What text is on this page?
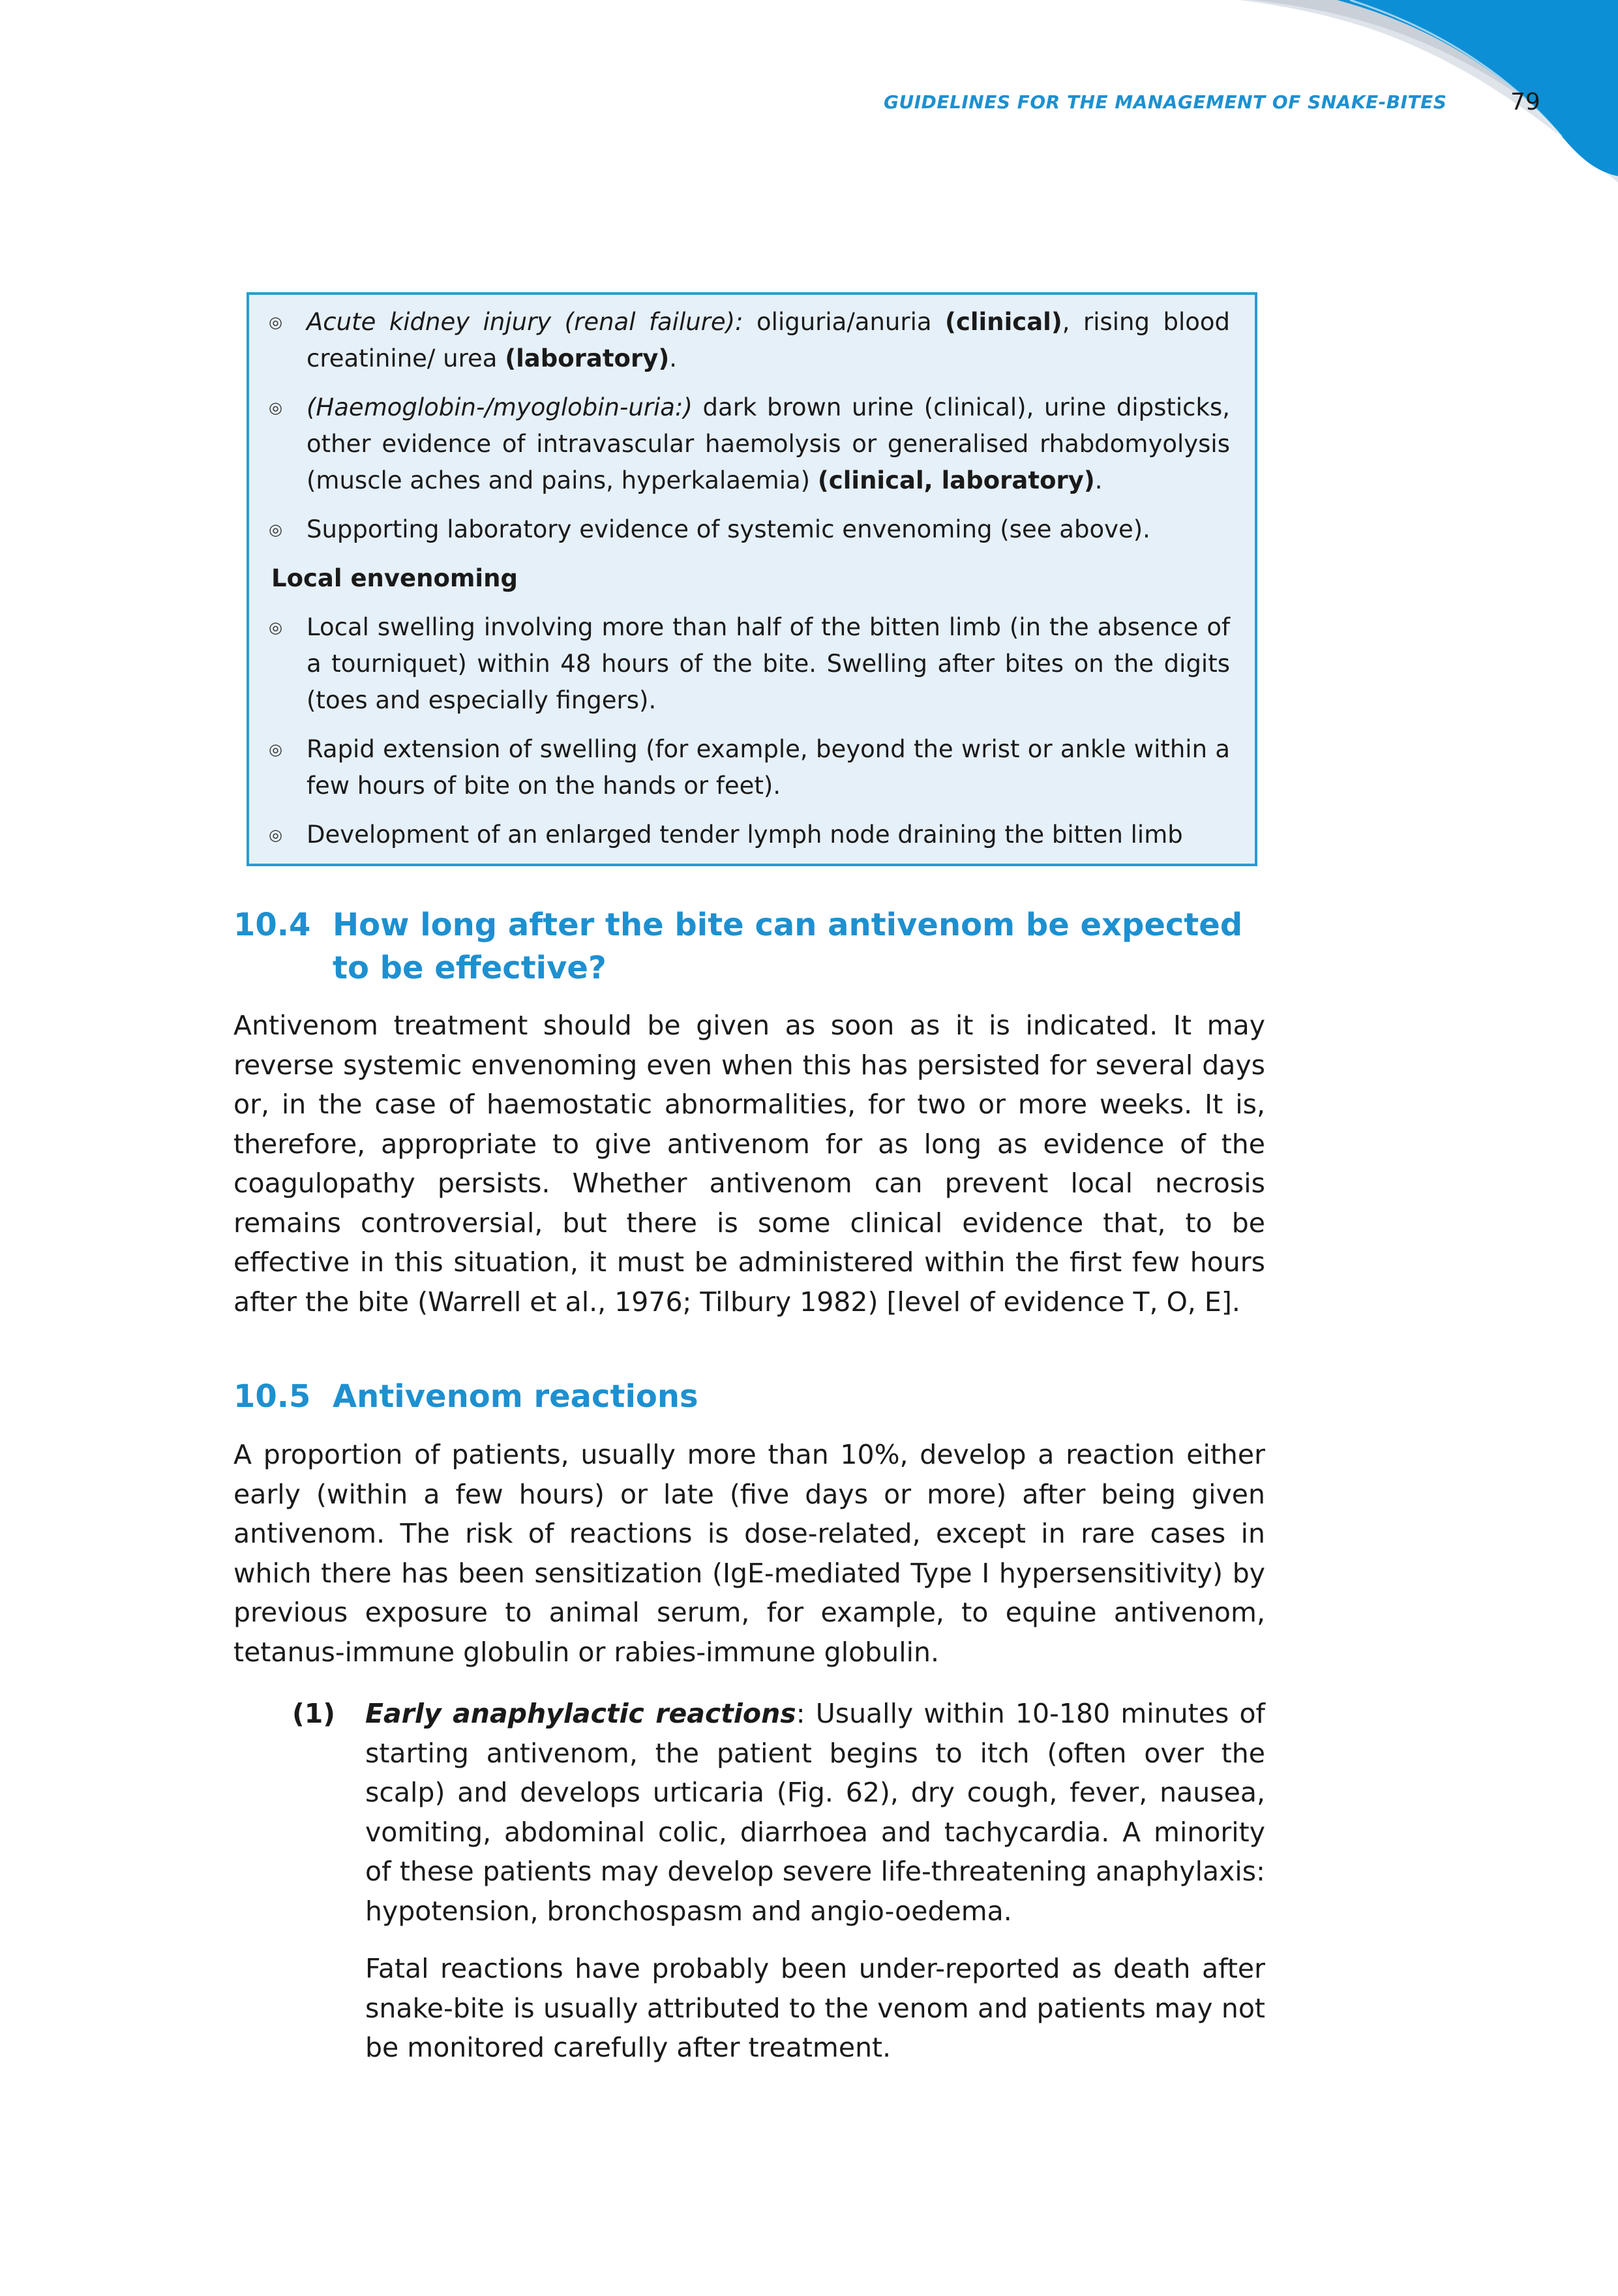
GUIDELINES FOR THE MANAGEMENT OF SNAKE-BITES	79
◎	Acute kidney injury (renal failure): oliguria/anuria (clinical), rising blood creatinine/ urea (laboratory).
◎	(Haemoglobin-/myoglobin-uria:) dark brown urine (clinical), urine dipsticks, other evidence of intravascular haemolysis or generalised rhabdomyolysis (muscle aches and pains, hyperkalaemia) (clinical, laboratory).
◎	Supporting laboratory evidence of systemic envenoming (see above).
Local envenoming
◎	Local swelling involving more than half of the bitten limb (in the absence of a tourniquet) within 48 hours of the bite. Swelling after bites on the digits (toes and especially fingers).
◎	Rapid extension of swelling (for example, beyond the wrist or ankle within a few hours of bite on the hands or feet).
◎	Development of an enlarged tender lymph node draining the bitten limb
10.4 How long after the bite can antivenom be expected to be effective?

Antivenom treatment should be given as soon as it is indicated. It may reverse systemic envenoming even when this has persisted for several days or, in the case of haemostatic abnormalities, for two or more weeks. It is, therefore, appropriate to give antivenom for as long as evidence of the coagulopathy persists. Whether antivenom can prevent local necrosis remains controversial, but there is some clinical evidence that, to be effective in this situation, it must be administered within the first few hours after the bite (Warrell et al., 1976; Tilbury 1982) [level of evidence T, O, E].

10.5 Antivenom reactions

A proportion of patients, usually more than 10%, develop a reaction either early (within a few hours) or late (five days or more) after being given antivenom. The risk of reactions is dose-related, except in rare cases in which there has been sensitization (IgE-mediated Type I hypersensitivity) by previous exposure to animal serum, for example, to equine antivenom, tetanus-immune globulin or rabies-immune globulin.

(1)	Early anaphylactic reactions: Usually within 10-180 minutes of starting antivenom, the patient begins to itch (often over the scalp) and develops urticaria (Fig. 62), dry cough, fever, nausea, vomiting, abdominal colic, diarrhoea and tachycardia. A minority of these patients may develop severe life-threatening anaphylaxis: hypotension, bronchospasm and angio-oedema.

Fatal reactions have probably been under-reported as death after snake-bite is usually attributed to the venom and patients may not be monitored carefully after treatment.
